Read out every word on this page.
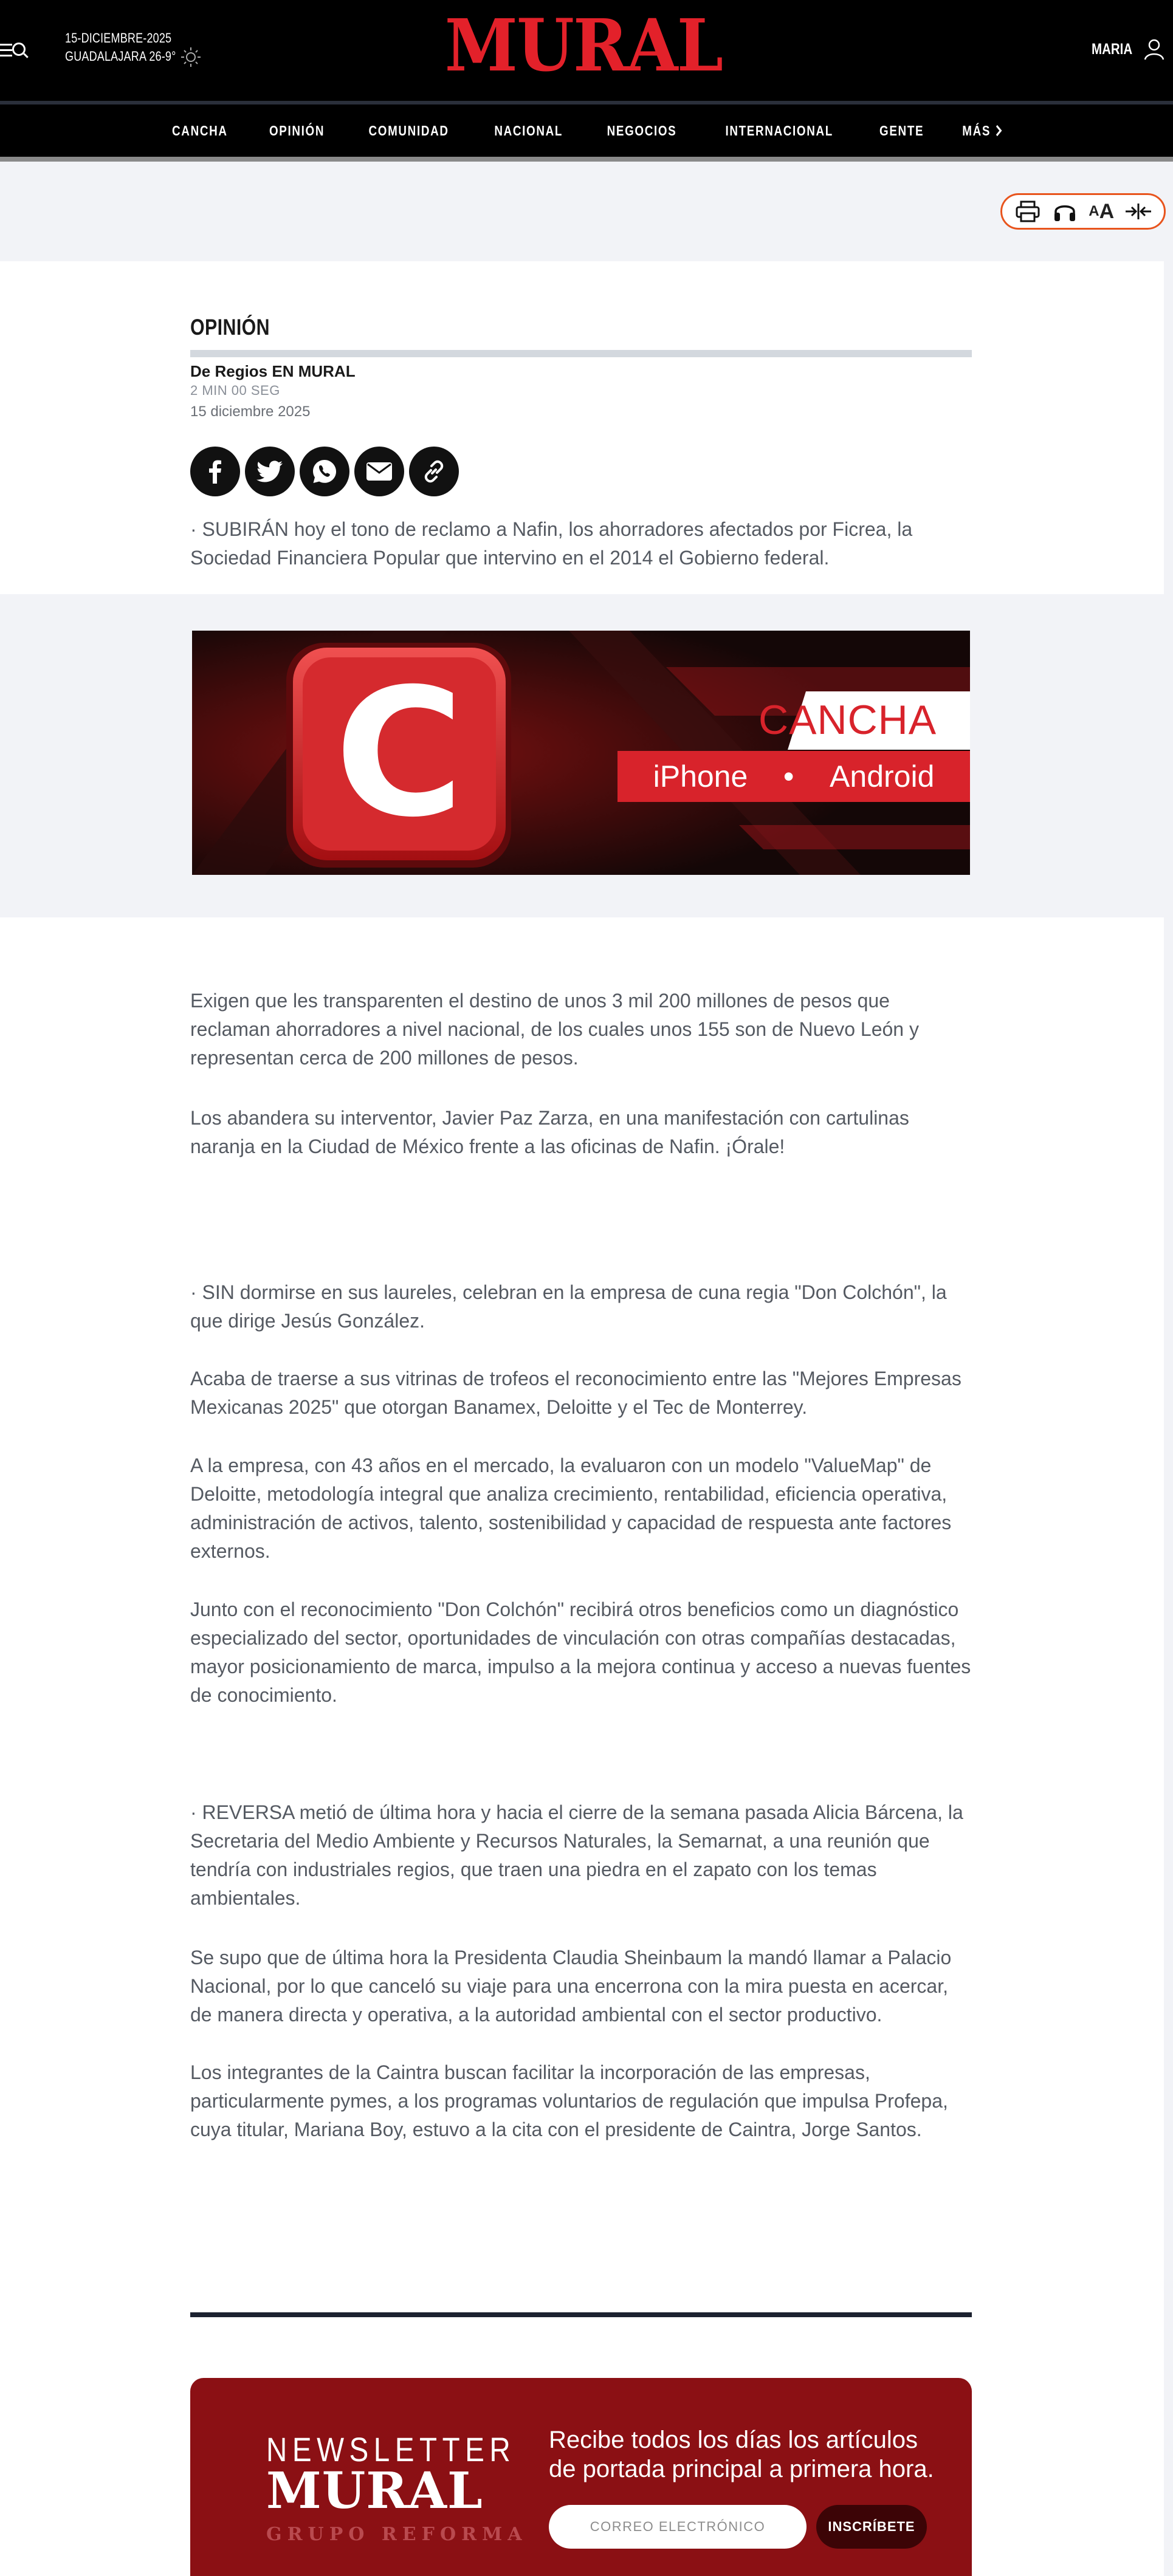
15-DICIEMBRE-2025
GUADALAJARA 26-9°	MURAL	MARIA
CANCHA	OPINIÓN	COMUNIDAD	NACIONAL	NEGOCIOS	INTERNACIONAL	GENTE	MÁS
A A
OPINIÓN
De Regios EN MURAL
2 MIN 00 SEG
15 diciembre 2025
· SUBIRÁN hoy el tono de reclamo a Nafin, los ahorradores afectados por Ficrea, la Sociedad Financiera Popular que intervino en el 2014 el Gobierno federal.
C	CANCHA
iPhone • Android
Exigen que les transparenten el destino de unos 3 mil 200 millones de pesos que reclaman ahorradores a nivel nacional, de los cuales unos 155 son de Nuevo León y representan cerca de 200 millones de pesos.
Los abandera su interventor, Javier Paz Zarza, en una manifestación con cartulinas naranja en la Ciudad de México frente a las oficinas de Nafin. ¡Órale!
· SIN dormirse en sus laureles, celebran en la empresa de cuna regia "Don Colchón", la que dirige Jesús González.
Acaba de traerse a sus vitrinas de trofeos el reconocimiento entre las "Mejores Empresas Mexicanas 2025" que otorgan Banamex, Deloitte y el Tec de Monterrey.
A la empresa, con 43 años en el mercado, la evaluaron con un modelo "ValueMap" de Deloitte, metodología integral que analiza crecimiento, rentabilidad, eficiencia operativa, administración de activos, talento, sostenibilidad y capacidad de respuesta ante factores externos.
Junto con el reconocimiento "Don Colchón" recibirá otros beneficios como un diagnóstico especializado del sector, oportunidades de vinculación con otras compañías destacadas, mayor posicionamiento de marca, impulso a la mejora continua y acceso a nuevas fuentes de conocimiento.
· REVERSA metió de última hora y hacia el cierre de la semana pasada Alicia Bárcena, la Secretaria del Medio Ambiente y Recursos Naturales, la Semarnat, a una reunión que tendría con industriales regios, que traen una piedra en el zapato con los temas ambientales.
Se supo que de última hora la Presidenta Claudia Sheinbaum la mandó llamar a Palacio Nacional, por lo que canceló su viaje para una encerrona con la mira puesta en acercar, de manera directa y operativa, a la autoridad ambiental con el sector productivo.
Los integrantes de la Caintra buscan facilitar la incorporación de las empresas, particularmente pymes, a los programas voluntarios de regulación que impulsa Profepa, cuya titular, Mariana Boy, estuvo a la cita con el presidente de Caintra, Jorge Santos.
NEWSLETTER
MURAL
GRUPO REFORMA
Recibe todos los días los artículos de portada principal a primera hora.
CORREO ELECTRÓNICO
INSCRÍBETE
